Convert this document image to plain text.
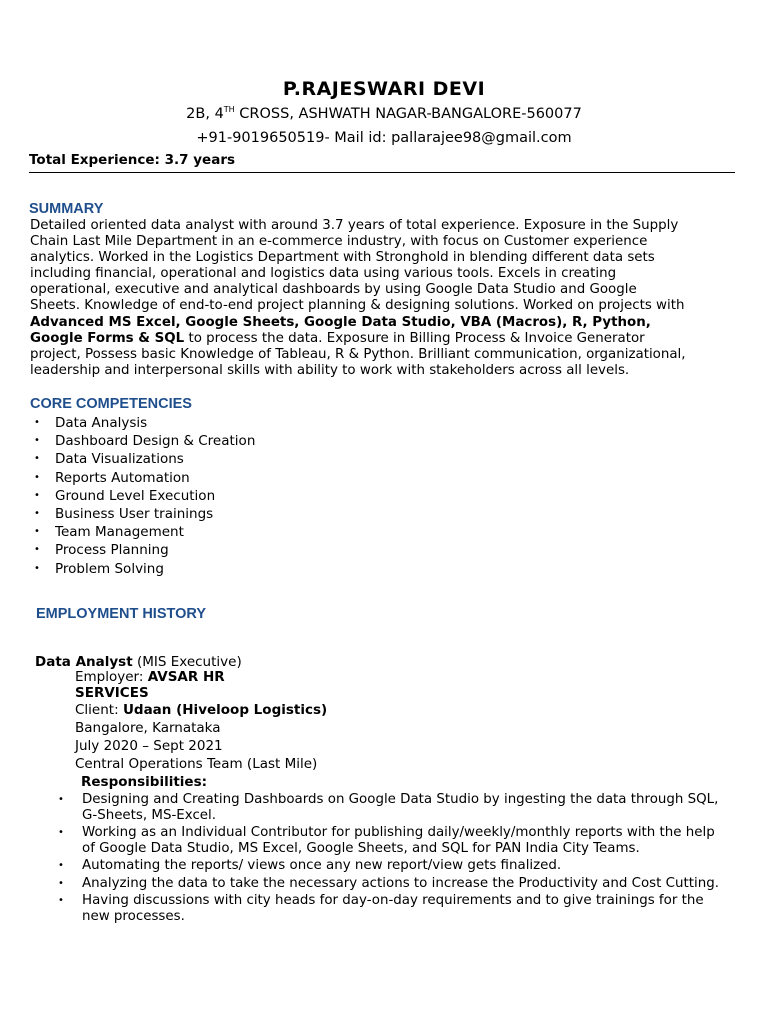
P.RAJESWARI DEVI
2B, 4TH CROSS, ASHWATH NAGAR-BANGALORE-560077
+91-9019650519- Mail id: pallarajee98@gmail.com
Total Experience: 3.7 years
SUMMARY

Detailed oriented data analyst with around 3.7 years of total experience. Exposure in the Supply

Chain Last Mile Department in an e-commerce industry, with focus on Customer experience

analytics. Worked in the Logistics Department with Stronghold in blending different data sets

including financial, operational and logistics data using various tools. Excels in creating

operational, executive and analytical dashboards by using Google Data Studio and Google

Sheets. Knowledge of end-to-end project planning & designing solutions. Worked on projects with

Advanced MS Excel, Google Sheets, Google Data Studio, VBA (Macros), R, Python,

Google Forms & SQL to process the data. Exposure in Billing Process & Invoice Generator

project, Possess basic Knowledge of Tableau, R & Python. Brilliant communication, organizational,

leadership and interpersonal skills with ability to work with stakeholders across all levels.

CORE COMPETENCIES
• Data Analysis
• Dashboard Design & Creation
• Data Visualizations
• Reports Automation
• Ground Level Execution
• Business User trainings
• Team Management
• Process Planning
• Problem Solving
EMPLOYMENT HISTORY
Data Analyst (MIS Executive)
Employer: AVSAR HR
SERVICES
Client: Udaan (Hiveloop Logistics)
Bangalore, Karnataka
July 2020 – Sept 2021
Central Operations Team (Last Mile)
Responsibilities:
• Designing and Creating Dashboards on Google Data Studio by ingesting the data through SQL, G-Sheets, MS-Excel.
• Working as an Individual Contributor for publishing daily/weekly/monthly reports with the help of Google Data Studio, MS Excel, Google Sheets, and SQL for PAN India City Teams.
• Automating the reports/ views once any new report/view gets finalized.
• Analyzing the data to take the necessary actions to increase the Productivity and Cost Cutting.
• Having discussions with city heads for day-on-day requirements and to give trainings for the new processes.
